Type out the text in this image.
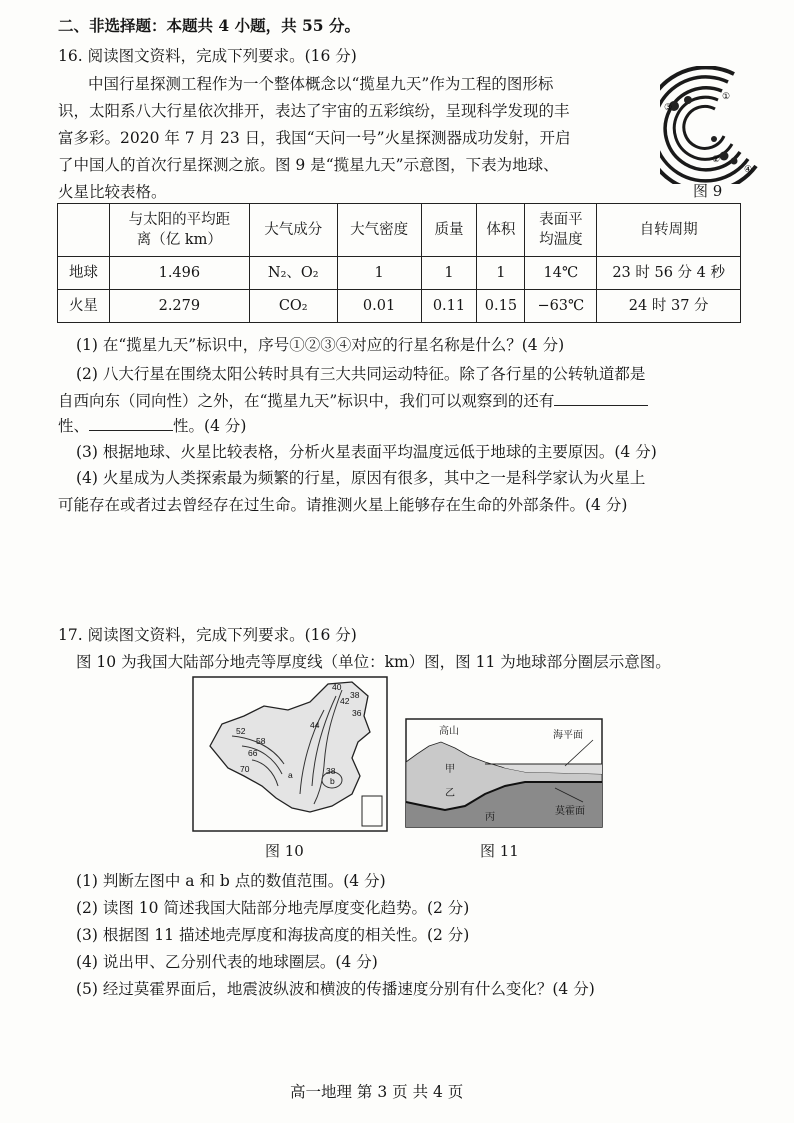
二、非选择题：本题共 4 小题，共 55 分。
16. 阅读图文资料，完成下列要求。(16 分)
中国行星探测工程作为一个整体概念以“揽星九天”作为工程的图形标
识，太阳系八大行星依次排开，表达了宇宙的五彩缤纷，呈现科学发现的丰
富多彩。2020 年 7 月 23 日，我国“天问一号”火星探测器成功发射，开启
了中国人的首次行星探测之旅。图 9 是“揽星九天”示意图，下表为地球、
火星比较表格。
①
③
②
④
图 9

	与太阳的平均距离（亿 km）	大气成分	大气密度	质量	体积	表面平均温度	自转周期
地球	1.496	N₂、O₂	1	1	1	14℃	23 时 56 分 4 秒
火星	2.279	CO₂	0.01	0.11	0.15	−63℃	24 时 37 分
(1) 在“揽星九天”标识中，序号①②③④对应的行星名称是什么？(4 分)
(2) 八大行星在围绕太阳公转时具有三大共同运动特征。除了各行星的公转轨道都是
自西向东（同向性）之外，在“揽星九天”标识中，我们可以观察到的还有
性、	性。(4 分)
(3) 根据地球、火星比较表格，分析火星表面平均温度远低于地球的主要原因。(4 分)
(4) 火星成为人类探索最为频繁的行星，原因有很多，其中之一是科学家认为火星上
可能存在或者过去曾经存在过生命。请推测火星上能够存在生命的外部条件。(4 分)
17. 阅读图文资料，完成下列要求。(16 分)
图 10 为我国大陆部分地壳等厚度线（单位：km）图，图 11 为地球部分圈层示意图。
40
42
38
36
44
52
58
66
70
a	38
b
图 10
高山	海平面
甲
乙
丙
莫霍面
图 11
(1) 判断左图中 a 和 b 点的数值范围。(4 分)
(2) 读图 10 简述我国大陆部分地壳厚度变化趋势。(2 分)
(3) 根据图 11 描述地壳厚度和海拔高度的相关性。(2 分)
(4) 说出甲、乙分别代表的地球圈层。(4 分)
(5) 经过莫霍界面后，地震波纵波和横波的传播速度分别有什么变化？(4 分)
高一地理 第 3 页 共 4 页
